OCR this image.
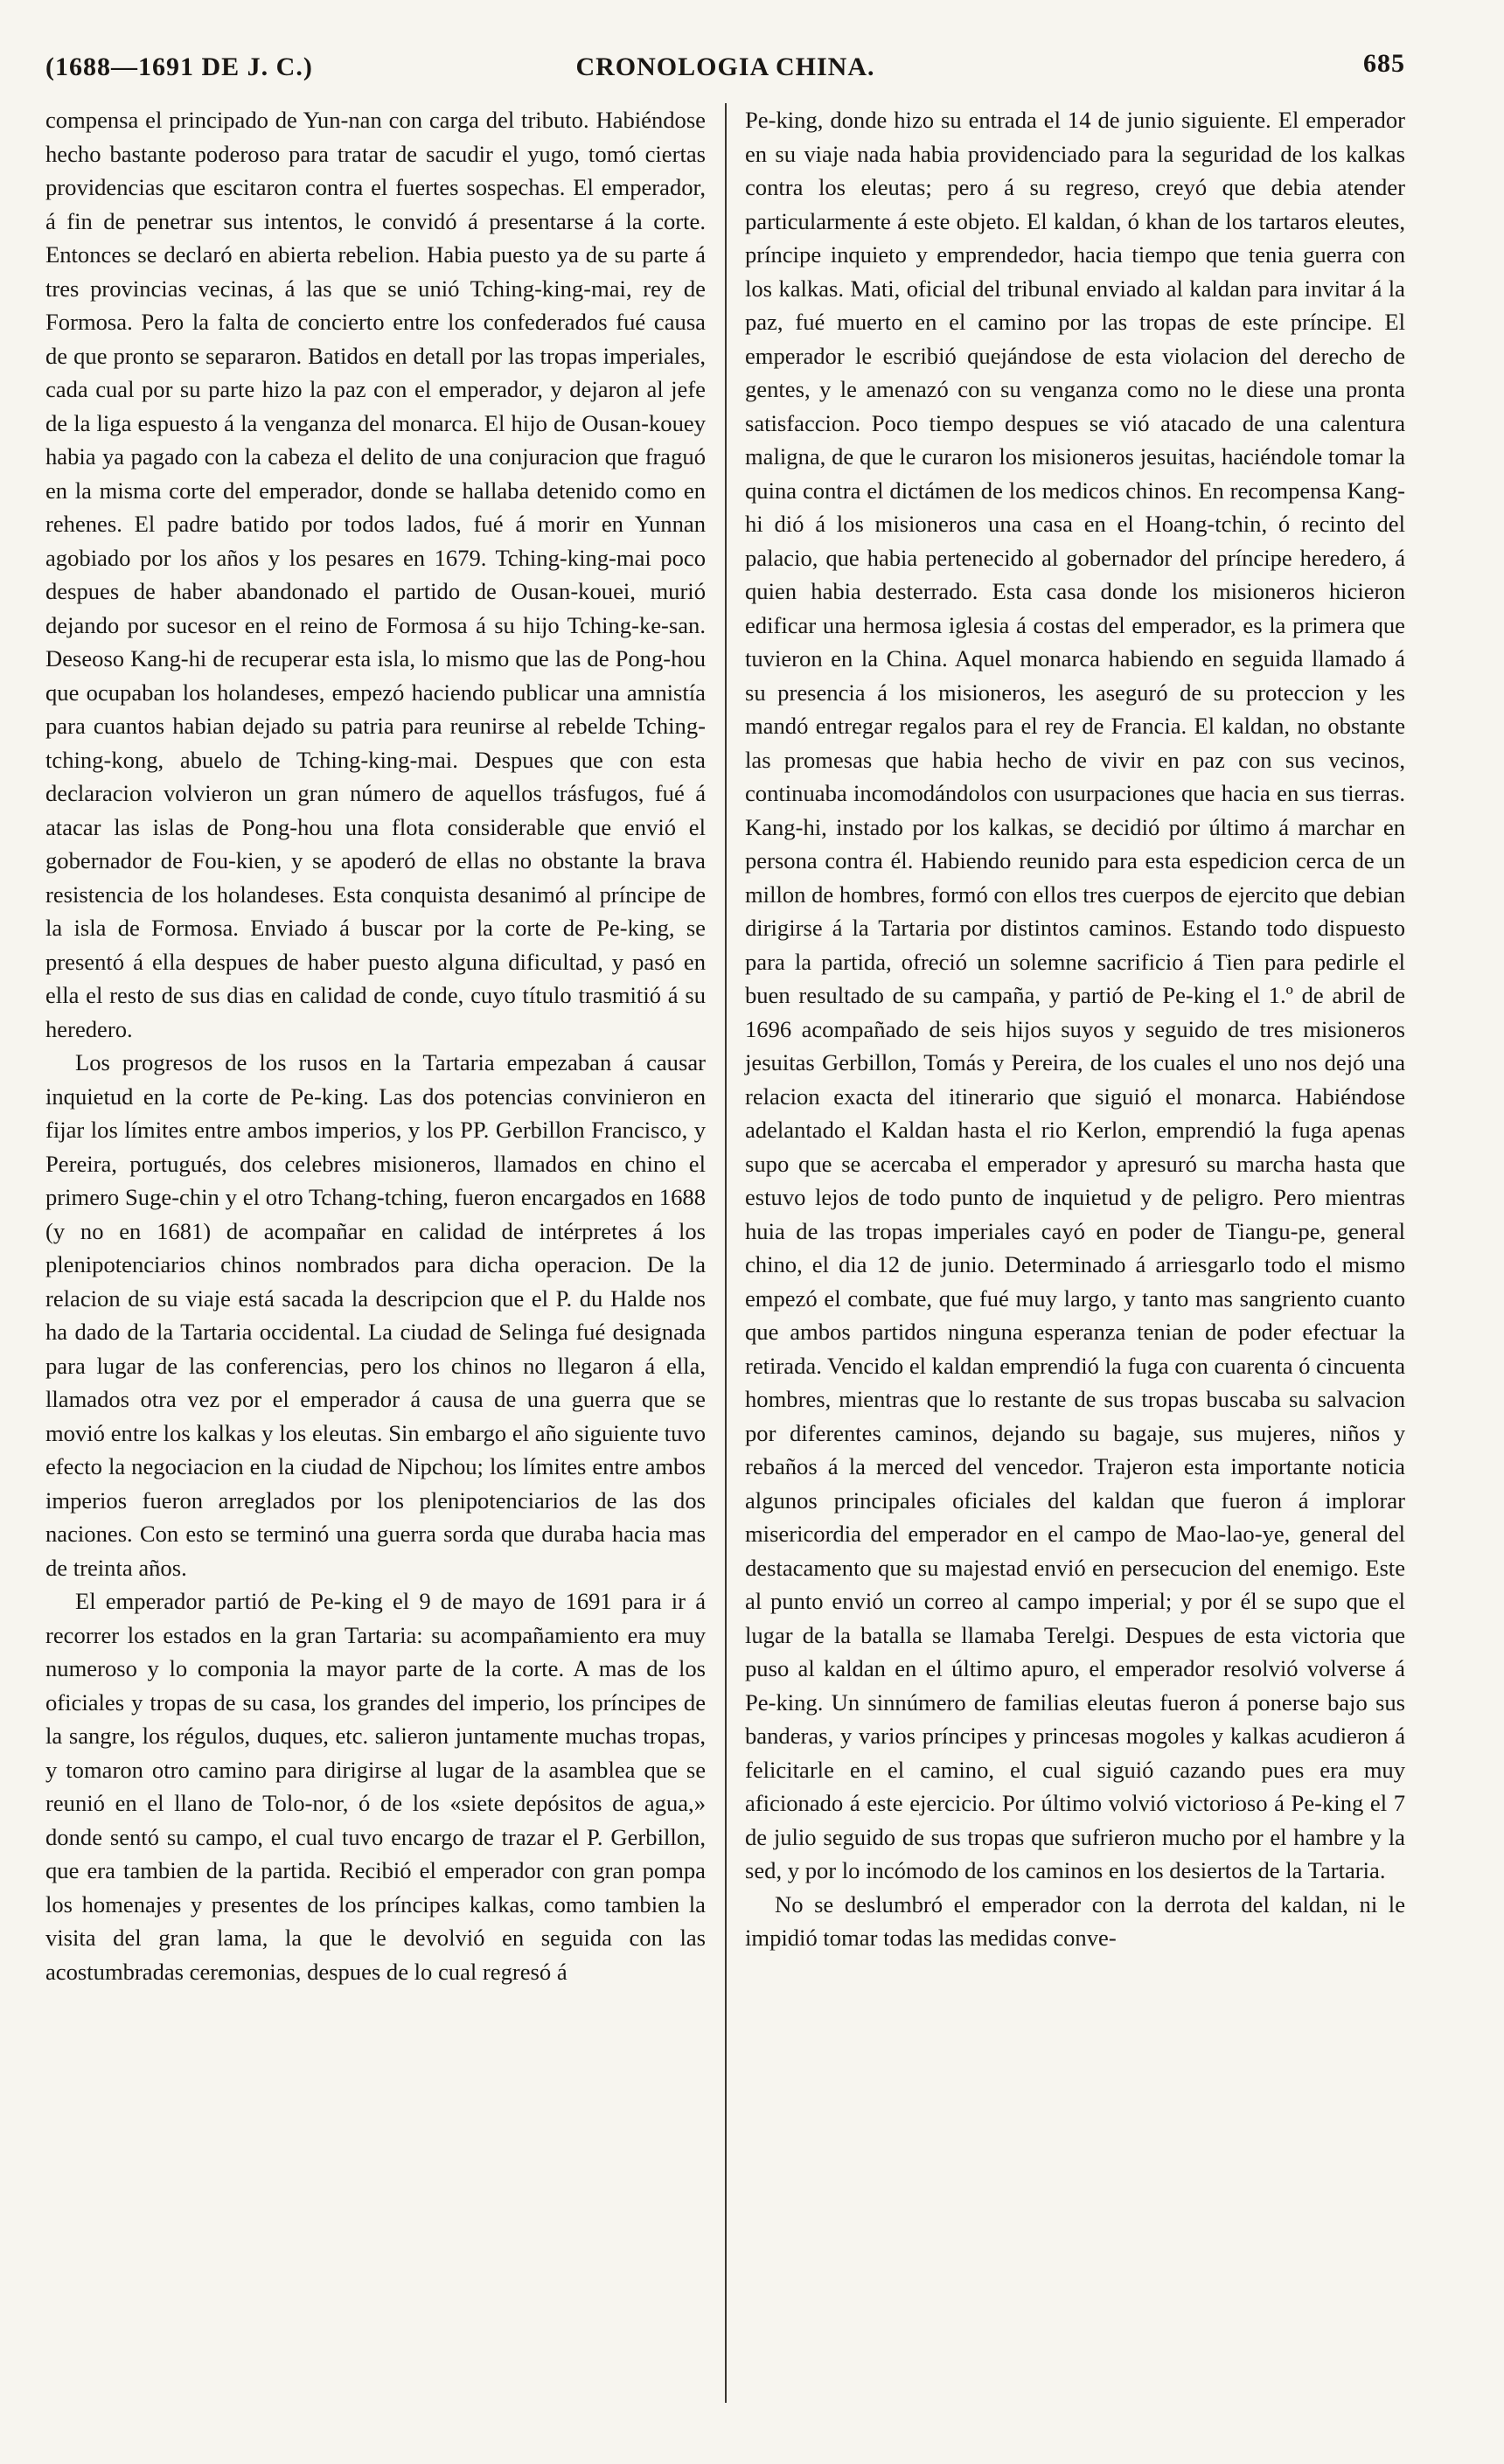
(1688—1691 DE J. C.)	CRONOLOGIA CHINA.	685

compensa el principado de Yun-nan con carga del tributo. Habiéndose hecho bastante poderoso para tratar de sacudir el yugo, tomó ciertas providencias que escitaron contra el fuertes sospechas. El emperador, á fin de penetrar sus intentos, le convidó á presentarse á la corte. Entonces se declaró en abierta rebelion. Habia puesto ya de su parte á tres provincias vecinas, á las que se unió Tching-king-mai, rey de Formosa. Pero la falta de concierto entre los confederados fué causa de que pronto se separaron. Batidos en detall por las tropas imperiales, cada cual por su parte hizo la paz con el emperador, y dejaron al jefe de la liga espuesto á la venganza del monarca. El hijo de Ousan-kouey habia ya pagado con la cabeza el delito de una conjuracion que fraguó en la misma corte del emperador, donde se hallaba detenido como en rehenes. El padre batido por todos lados, fué á morir en Yunnan agobiado por los años y los pesares en 1679. Tching-king-mai poco despues de haber abandonado el partido de Ousan-kouei, murió dejando por sucesor en el reino de Formosa á su hijo Tching-ke-san. Deseoso Kang-hi de recuperar esta isla, lo mismo que las de Pong-hou que ocupaban los holandeses, empezó haciendo publicar una amnistía para cuantos habian dejado su patria para reunirse al rebelde Tching-tching-kong, abuelo de Tching-king-mai. Despues que con esta declaracion volvieron un gran número de aquellos trásfugos, fué á atacar las islas de Pong-hou una flota considerable que envió el gobernador de Fou-kien, y se apoderó de ellas no obstante la brava resistencia de los holandeses. Esta conquista desanimó al príncipe de la isla de Formosa. Enviado á buscar por la corte de Pe-king, se presentó á ella despues de haber puesto alguna dificultad, y pasó en ella el resto de sus dias en calidad de conde, cuyo título trasmitió á su heredero.

Los progresos de los rusos en la Tartaria empezaban á causar inquietud en la corte de Pe-king. Las dos potencias convinieron en fijar los límites entre ambos imperios, y los PP. Gerbillon Francisco, y Pereira, portugués, dos celebres misioneros, llamados en chino el primero Suge-chin y el otro Tchang-tching, fueron encargados en 1688 (y no en 1681) de acompañar en calidad de intérpretes á los plenipotenciarios chinos nombrados para dicha operacion. De la relacion de su viaje está sacada la descripcion que el P. du Halde nos ha dado de la Tartaria occidental. La ciudad de Selinga fué designada para lugar de las conferencias, pero los chinos no llegaron á ella, llamados otra vez por el emperador á causa de una guerra que se movió entre los kalkas y los eleutas. Sin embargo el año siguiente tuvo efecto la negociacion en la ciudad de Nipchou; los límites entre ambos imperios fueron arreglados por los plenipotenciarios de las dos naciones. Con esto se terminó una guerra sorda que duraba hacia mas de treinta años.

El emperador partió de Pe-king el 9 de mayo de 1691 para ir á recorrer los estados en la gran Tartaria: su acompañamiento era muy numeroso y lo componia la mayor parte de la corte. A mas de los oficiales y tropas de su casa, los grandes del imperio, los príncipes de la sangre, los régulos, duques, etc. salieron juntamente muchas tropas, y tomaron otro camino para dirigirse al lugar de la asamblea que se reunió en el llano de Tolo-nor, ó de los «siete depósitos de agua,» donde sentó su campo, el cual tuvo encargo de trazar el P. Gerbillon, que era tambien de la partida. Recibió el emperador con gran pompa los homenajes y presentes de los príncipes kalkas, como tambien la visita del gran lama, la que le devolvió en seguida con las acostumbradas ceremonias, despues de lo cual regresó á

Pe-king, donde hizo su entrada el 14 de junio siguiente. El emperador en su viaje nada habia providenciado para la seguridad de los kalkas contra los eleutas; pero á su regreso, creyó que debia atender particularmente á este objeto. El kaldan, ó khan de los tartaros eleutes, príncipe inquieto y emprendedor, hacia tiempo que tenia guerra con los kalkas. Mati, oficial del tribunal enviado al kaldan para invitar á la paz, fué muerto en el camino por las tropas de este príncipe. El emperador le escribió quejándose de esta violacion del derecho de gentes, y le amenazó con su venganza como no le diese una pronta satisfaccion. Poco tiempo despues se vió atacado de una calentura maligna, de que le curaron los misioneros jesuitas, haciéndole tomar la quina contra el dictámen de los medicos chinos. En recompensa Kang-hi dió á los misioneros una casa en el Hoang-tchin, ó recinto del palacio, que habia pertenecido al gobernador del príncipe heredero, á quien habia desterrado. Esta casa donde los misioneros hicieron edificar una hermosa iglesia á costas del emperador, es la primera que tuvieron en la China. Aquel monarca habiendo en seguida llamado á su presencia á los misioneros, les aseguró de su proteccion y les mandó entregar regalos para el rey de Francia. El kaldan, no obstante las promesas que habia hecho de vivir en paz con sus vecinos, continuaba incomodándolos con usurpaciones que hacia en sus tierras. Kang-hi, instado por los kalkas, se decidió por último á marchar en persona contra él. Habiendo reunido para esta espedicion cerca de un millon de hombres, formó con ellos tres cuerpos de ejercito que debian dirigirse á la Tartaria por distintos caminos. Estando todo dispuesto para la partida, ofreció un solemne sacrificio á Tien para pedirle el buen resultado de su campaña, y partió de Pe-king el 1.º de abril de 1696 acompañado de seis hijos suyos y seguido de tres misioneros jesuitas Gerbillon, Tomás y Pereira, de los cuales el uno nos dejó una relacion exacta del itinerario que siguió el monarca. Habiéndose adelantado el Kaldan hasta el rio Kerlon, emprendió la fuga apenas supo que se acercaba el emperador y apresuró su marcha hasta que estuvo lejos de todo punto de inquietud y de peligro. Pero mientras huia de las tropas imperiales cayó en poder de Tiangu-pe, general chino, el dia 12 de junio. Determinado á arriesgarlo todo el mismo empezó el combate, que fué muy largo, y tanto mas sangriento cuanto que ambos partidos ninguna esperanza tenian de poder efectuar la retirada. Vencido el kaldan emprendió la fuga con cuarenta ó cincuenta hombres, mientras que lo restante de sus tropas buscaba su salvacion por diferentes caminos, dejando su bagaje, sus mujeres, niños y rebaños á la merced del vencedor. Trajeron esta importante noticia algunos principales oficiales del kaldan que fueron á implorar misericordia del emperador en el campo de Mao-lao-ye, general del destacamento que su majestad envió en persecucion del enemigo. Este al punto envió un correo al campo imperial; y por él se supo que el lugar de la batalla se llamaba Terelgi. Despues de esta victoria que puso al kaldan en el último apuro, el emperador resolvió volverse á Pe-king. Un sinnúmero de familias eleutas fueron á ponerse bajo sus banderas, y varios príncipes y princesas mogoles y kalkas acudieron á felicitarle en el camino, el cual siguió cazando pues era muy aficionado á este ejercicio. Por último volvió victorioso á Pe-king el 7 de julio seguido de sus tropas que sufrieron mucho por el hambre y la sed, y por lo incómodo de los caminos en los desiertos de la Tartaria.

No se deslumbró el emperador con la derrota del kaldan, ni le impidió tomar todas las medidas conve-
